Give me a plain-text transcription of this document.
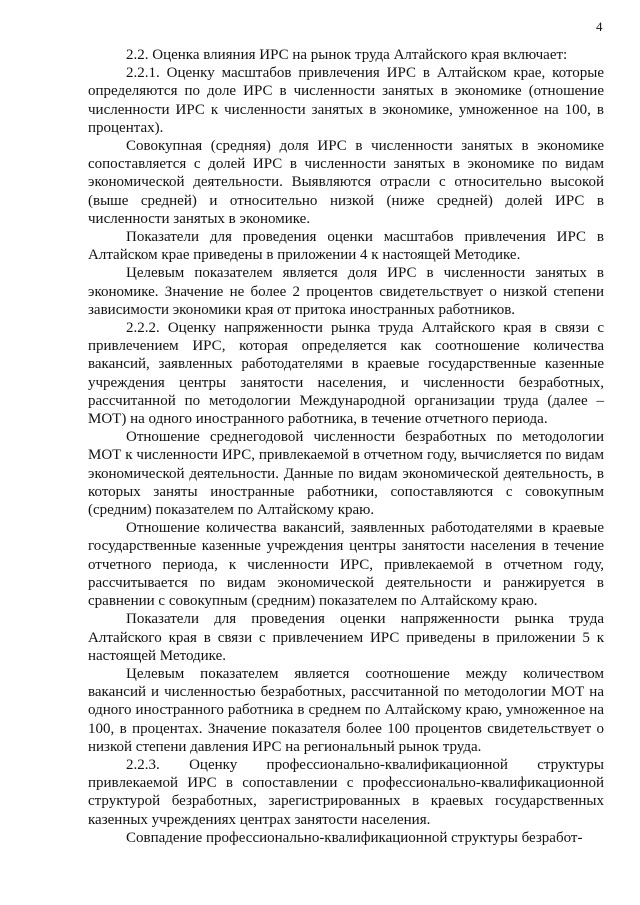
4

2.2. Оценка влияния ИРС на рынок труда Алтайского края включает:

2.2.1. Оценку масштабов привлечения ИРС в Алтайском крае, которые определяются по доле ИРС в численности занятых в экономике (отношение численности ИРС к численности занятых в экономике, умноженное на 100, в процентах).

Совокупная (средняя) доля ИРС в численности занятых в экономике сопоставляется с долей ИРС в численности занятых в экономике по видам экономической деятельности. Выявляются отрасли с относительно высокой (выше средней) и относительно низкой (ниже средней) долей ИРС в численности занятых в экономике.

Показатели для проведения оценки масштабов привлечения ИРС в Алтайском крае приведены в приложении 4 к настоящей Методике.

Целевым показателем является доля ИРС в численности занятых в экономике. Значение не более 2 процентов свидетельствует о низкой степени зависимости экономики края от притока иностранных работников.

2.2.2. Оценку напряженности рынка труда Алтайского края в связи с привлечением ИРС, которая определяется как соотношение количества вакансий, заявленных работодателями в краевые государственные казенные учреждения центры занятости населения, и численности безработных, рассчитанной по методологии Международной организации труда (далее – МОТ) на одного иностранного работника, в течение отчетного периода.

Отношение среднегодовой численности безработных по методологии МОТ к численности ИРС, привлекаемой в отчетном году, вычисляется по видам экономической деятельности. Данные по видам экономической деятельность, в которых заняты иностранные работники, сопоставляются с совокупным (средним) показателем по Алтайскому краю.

Отношение количества вакансий, заявленных работодателями в краевые государственные казенные учреждения центры занятости населения в течение отчетного периода, к численности ИРС, привлекаемой в отчетном году, рассчитывается по видам экономической деятельности и ранжируется в сравнении с совокупным (средним) показателем по Алтайскому краю.

Показатели для проведения оценки напряженности рынка труда Алтайского края в связи с привлечением ИРС приведены в приложении 5 к настоящей Методике.

Целевым показателем является соотношение между количеством вакансий и численностью безработных, рассчитанной по методологии МОТ на одного иностранного работника в среднем по Алтайскому краю, умноженное на 100, в процентах. Значение показателя более 100 процентов свидетельствует о низкой степени давления ИРС на региональный рынок труда.

2.2.3. Оценку профессионально-квалификационной структуры привлекаемой ИРС в сопоставлении с профессионально-квалификационной структурой безработных, зарегистрированных в краевых государственных казенных учреждениях центрах занятости населения.

Совпадение профессионально-квалификационной структуры безработ-
